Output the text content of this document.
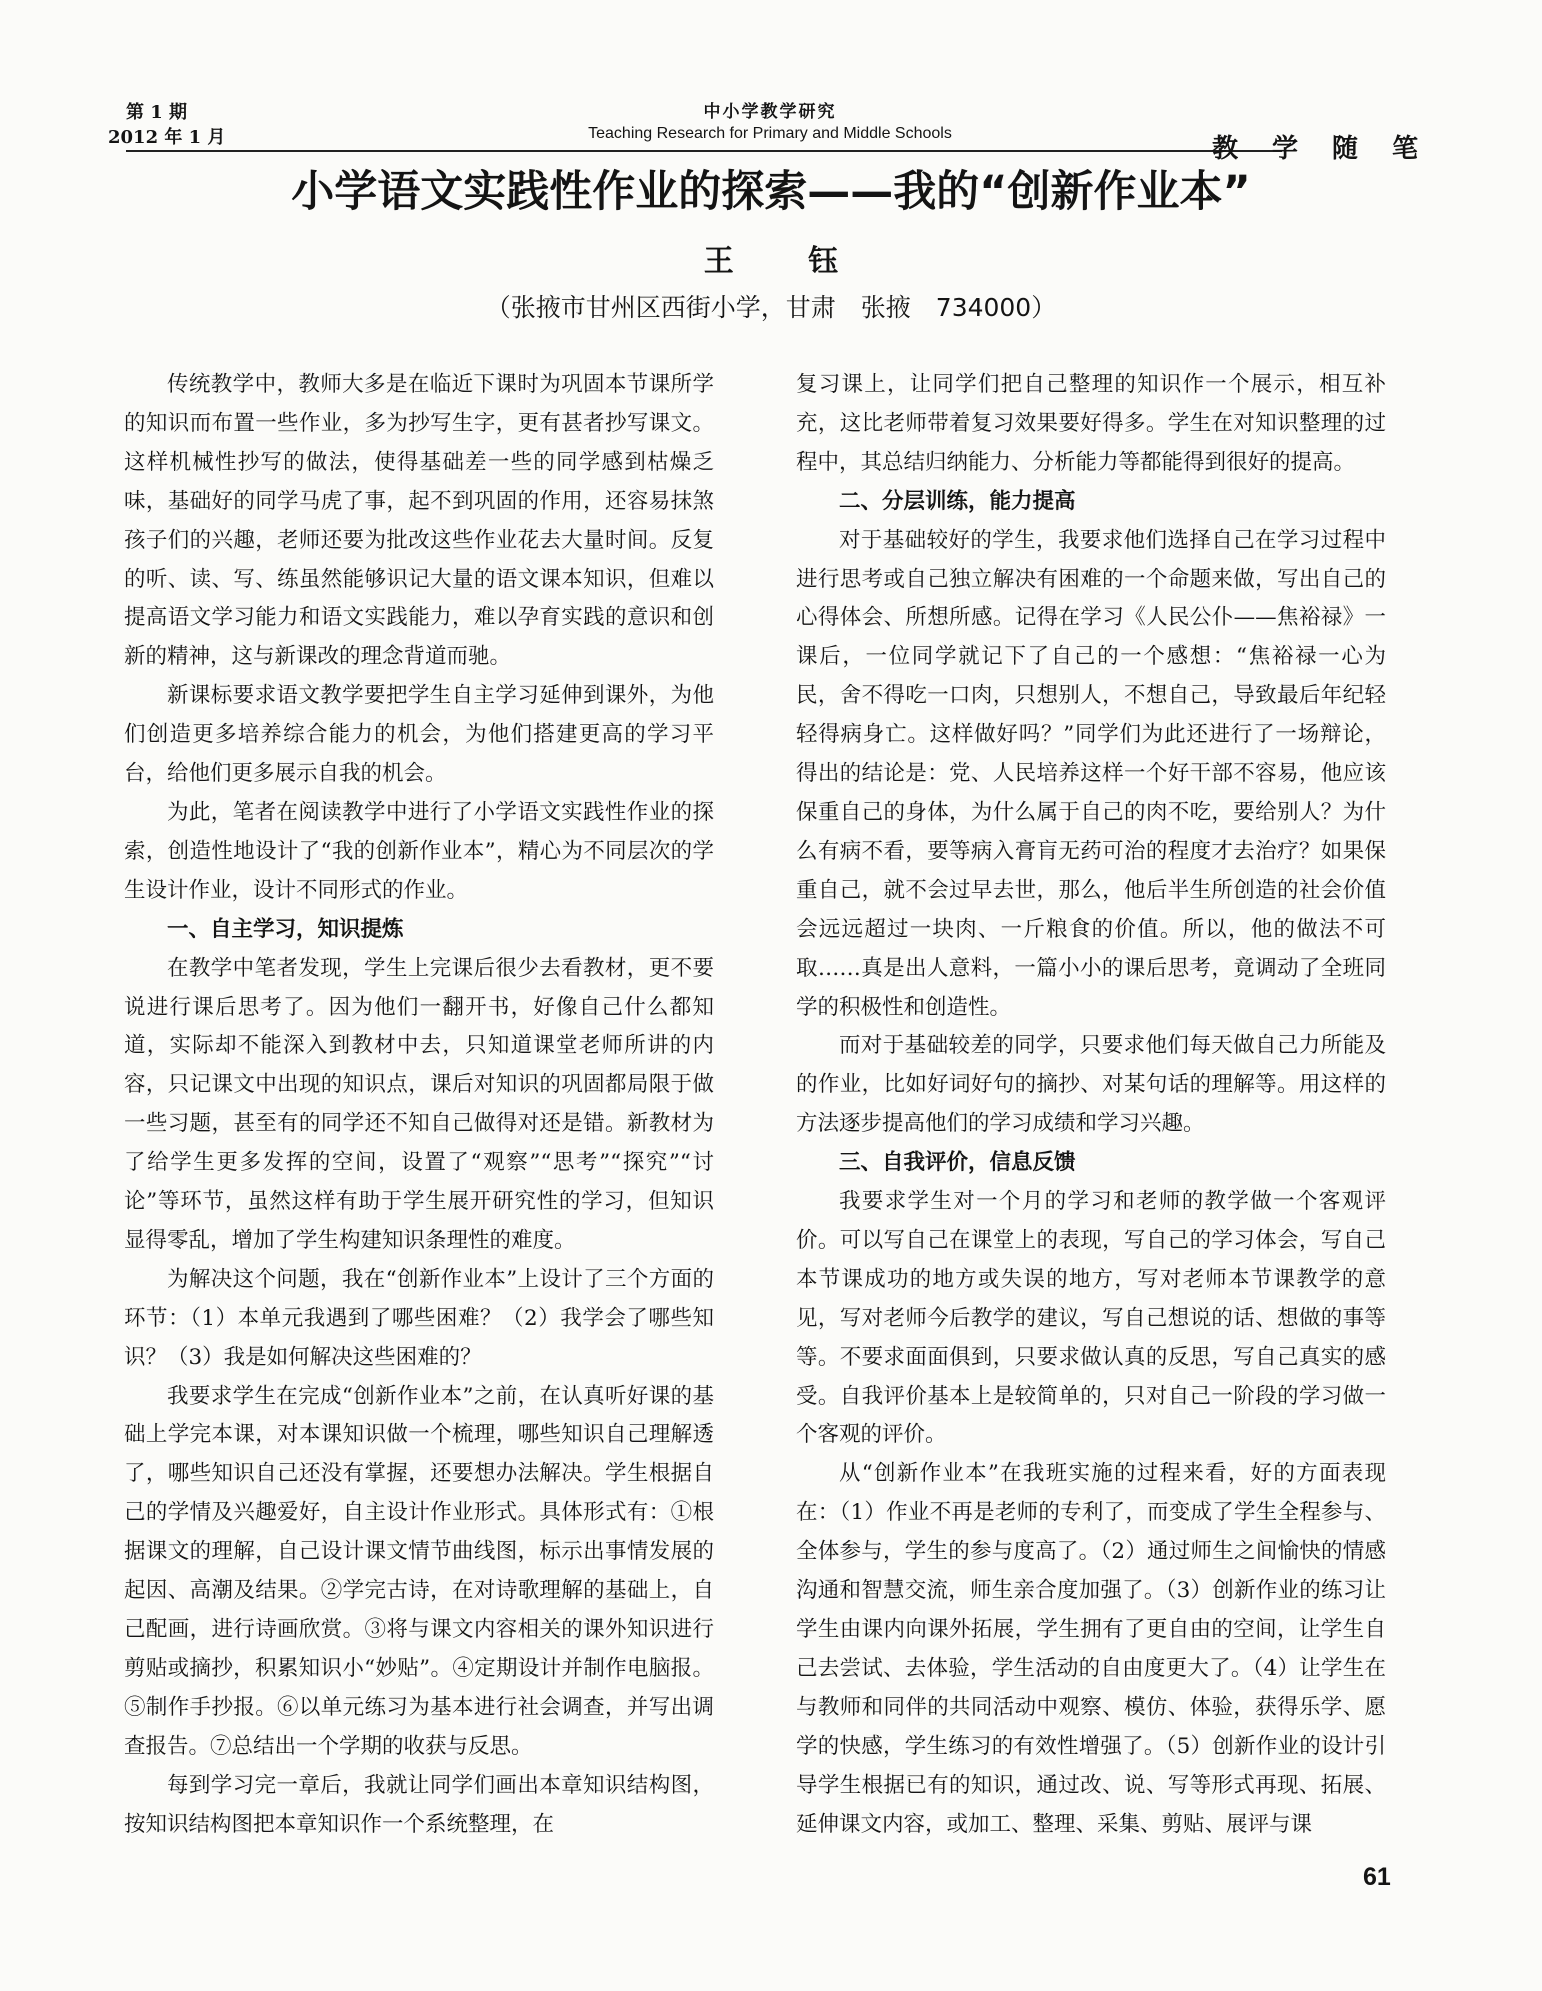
第 1 期
2012 年 1 月
中小学教学研究
Teaching Research for Primary and Middle Schools
教学随笔
小学语文实践性作业的探索——我的“创新作业本”
王 钰
（张掖市甘州区西街小学，甘肃　张掖　734000）

传统教学中，教师大多是在临近下课时为巩固本节课所学的知识而布置一些作业，多为抄写生字，更有甚者抄写课文。这样机械性抄写的做法，使得基础差一些的同学感到枯燥乏味，基础好的同学马虎了事，起不到巩固的作用，还容易抹煞孩子们的兴趣，老师还要为批改这些作业花去大量时间。反复的听、读、写、练虽然能够识记大量的语文课本知识，但难以提高语文学习能力和语文实践能力，难以孕育实践的意识和创新的精神，这与新课改的理念背道而驰。

新课标要求语文教学要把学生自主学习延伸到课外，为他们创造更多培养综合能力的机会，为他们搭建更高的学习平台，给他们更多展示自我的机会。

为此，笔者在阅读教学中进行了小学语文实践性作业的探索，创造性地设计了“我的创新作业本”，精心为不同层次的学生设计作业，设计不同形式的作业。

一、自主学习，知识提炼

在教学中笔者发现，学生上完课后很少去看教材，更不要说进行课后思考了。因为他们一翻开书，好像自己什么都知道，实际却不能深入到教材中去，只知道课堂老师所讲的内容，只记课文中出现的知识点，课后对知识的巩固都局限于做一些习题，甚至有的同学还不知自己做得对还是错。新教材为了给学生更多发挥的空间，设置了“观察”“思考”“探究”“讨论”等环节，虽然这样有助于学生展开研究性的学习，但知识显得零乱，增加了学生构建知识条理性的难度。

为解决这个问题，我在“创新作业本”上设计了三个方面的环节：（1）本单元我遇到了哪些困难？（2）我学会了哪些知识？（3）我是如何解决这些困难的？

我要求学生在完成“创新作业本”之前，在认真听好课的基础上学完本课，对本课知识做一个梳理，哪些知识自己理解透了，哪些知识自己还没有掌握，还要想办法解决。学生根据自己的学情及兴趣爱好，自主设计作业形式。具体形式有：①根据课文的理解，自己设计课文情节曲线图，标示出事情发展的起因、高潮及结果。②学完古诗，在对诗歌理解的基础上，自己配画，进行诗画欣赏。③将与课文内容相关的课外知识进行剪贴或摘抄，积累知识小“妙贴”。④定期设计并制作电脑报。⑤制作手抄报。⑥以单元练习为基本进行社会调查，并写出调查报告。⑦总结出一个学期的收获与反思。

每到学习完一章后，我就让同学们画出本章知识结构图，按知识结构图把本章知识作一个系统整理，在

复习课上，让同学们把自己整理的知识作一个展示，相互补充，这比老师带着复习效果要好得多。学生在对知识整理的过程中，其总结归纳能力、分析能力等都能得到很好的提高。

二、分层训练，能力提高

对于基础较好的学生，我要求他们选择自己在学习过程中进行思考或自己独立解决有困难的一个命题来做，写出自己的心得体会、所想所感。记得在学习《人民公仆——焦裕禄》一课后，一位同学就记下了自己的一个感想：“焦裕禄一心为民，舍不得吃一口肉，只想别人，不想自己，导致最后年纪轻轻得病身亡。这样做好吗？”同学们为此还进行了一场辩论，得出的结论是：党、人民培养这样一个好干部不容易，他应该保重自己的身体，为什么属于自己的肉不吃，要给别人？为什么有病不看，要等病入膏肓无药可治的程度才去治疗？如果保重自己，就不会过早去世，那么，他后半生所创造的社会价值会远远超过一块肉、一斤粮食的价值。所以，他的做法不可取……真是出人意料，一篇小小的课后思考，竟调动了全班同学的积极性和创造性。

而对于基础较差的同学，只要求他们每天做自己力所能及的作业，比如好词好句的摘抄、对某句话的理解等。用这样的方法逐步提高他们的学习成绩和学习兴趣。

三、自我评价，信息反馈

我要求学生对一个月的学习和老师的教学做一个客观评价。可以写自己在课堂上的表现，写自己的学习体会，写自己本节课成功的地方或失误的地方，写对老师本节课教学的意见，写对老师今后教学的建议，写自己想说的话、想做的事等等。不要求面面俱到，只要求做认真的反思，写自己真实的感受。自我评价基本上是较简单的，只对自己一阶段的学习做一个客观的评价。

从“创新作业本”在我班实施的过程来看，好的方面表现在：（1）作业不再是老师的专利了，而变成了学生全程参与、全体参与，学生的参与度高了。（2）通过师生之间愉快的情感沟通和智慧交流，师生亲合度加强了。（3）创新作业的练习让学生由课内向课外拓展，学生拥有了更自由的空间，让学生自己去尝试、去体验，学生活动的自由度更大了。（4）让学生在与教师和同伴的共同活动中观察、模仿、体验，获得乐学、愿学的快感，学生练习的有效性增强了。（5）创新作业的设计引导学生根据已有的知识，通过改、说、写等形式再现、拓展、延伸课文内容，或加工、整理、采集、剪贴、展评与课

61
